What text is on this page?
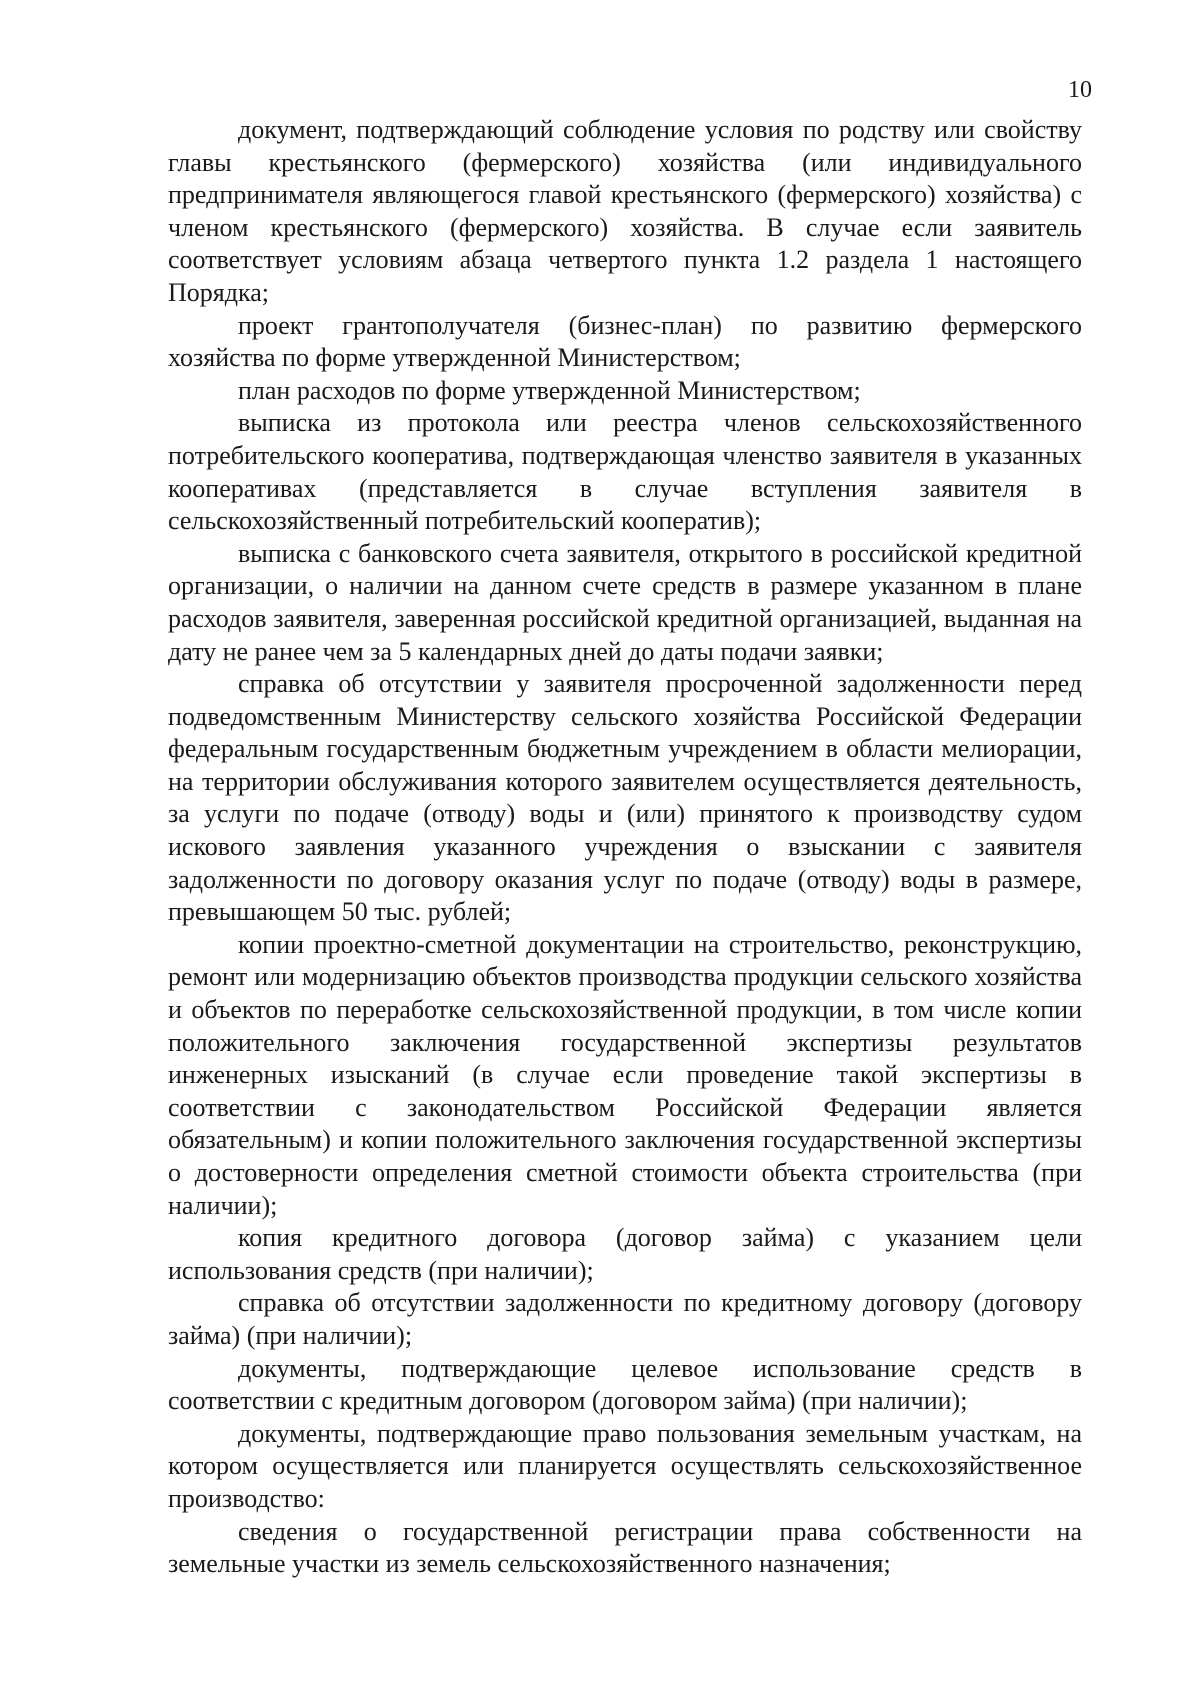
10

документ, подтверждающий соблюдение условия по родству или свойству главы крестьянского (фермерского) хозяйства (или индивидуального предпринимателя являющегося главой крестьянского (фермерского) хозяйства) с членом крестьянского (фермерского) хозяйства. В случае если заявитель соответствует условиям абзаца четвертого пункта 1.2 раздела 1 настоящего Порядка;

проект грантополучателя (бизнес-план) по развитию фермерского хозяйства по форме утвержденной Министерством;

план расходов по форме утвержденной Министерством;

выписка из протокола или реестра членов сельскохозяйственного потребительского кооператива, подтверждающая членство заявителя в указанных кооперативах (представляется в случае вступления заявителя в сельскохозяйственный потребительский кооператив);

выписка с банковского счета заявителя, открытого в российской кредитной организации, о наличии на данном счете средств в размере указанном в плане расходов заявителя, заверенная российской кредитной организацией, выданная на дату не ранее чем за 5 календарных дней до даты подачи заявки;

справка об отсутствии у заявителя просроченной задолженности перед подведомственным Министерству сельского хозяйства Российской Федерации федеральным государственным бюджетным учреждением в области мелиорации, на территории обслуживания которого заявителем осуществляется деятельность, за услуги по подаче (отводу) воды и (или) принятого к производству судом искового заявления указанного учреждения о взыскании с заявителя задолженности по договору оказания услуг по подаче (отводу) воды в размере, превышающем 50 тыс. рублей;

копии проектно-сметной документации на строительство, реконструкцию, ремонт или модернизацию объектов производства продукции сельского хозяйства и объектов по переработке сельскохозяйственной продукции, в том числе копии положительного заключения государственной экспертизы результатов инженерных изысканий (в случае если проведение такой экспертизы в соответствии с законодательством Российской Федерации является обязательным) и копии положительного заключения государственной экспертизы о достоверности определения сметной стоимости объекта строительства (при наличии);

копия кредитного договора (договор займа) с указанием цели использования средств (при наличии);

справка об отсутствии задолженности по кредитному договору (договору займа) (при наличии);

документы, подтверждающие целевое использование средств в соответствии с кредитным договором (договором займа) (при наличии);

документы, подтверждающие право пользования земельным участкам, на котором осуществляется или планируется осуществлять сельскохозяйственное производство:

сведения о государственной регистрации права собственности на земельные участки из земель сельскохозяйственного назначения;
